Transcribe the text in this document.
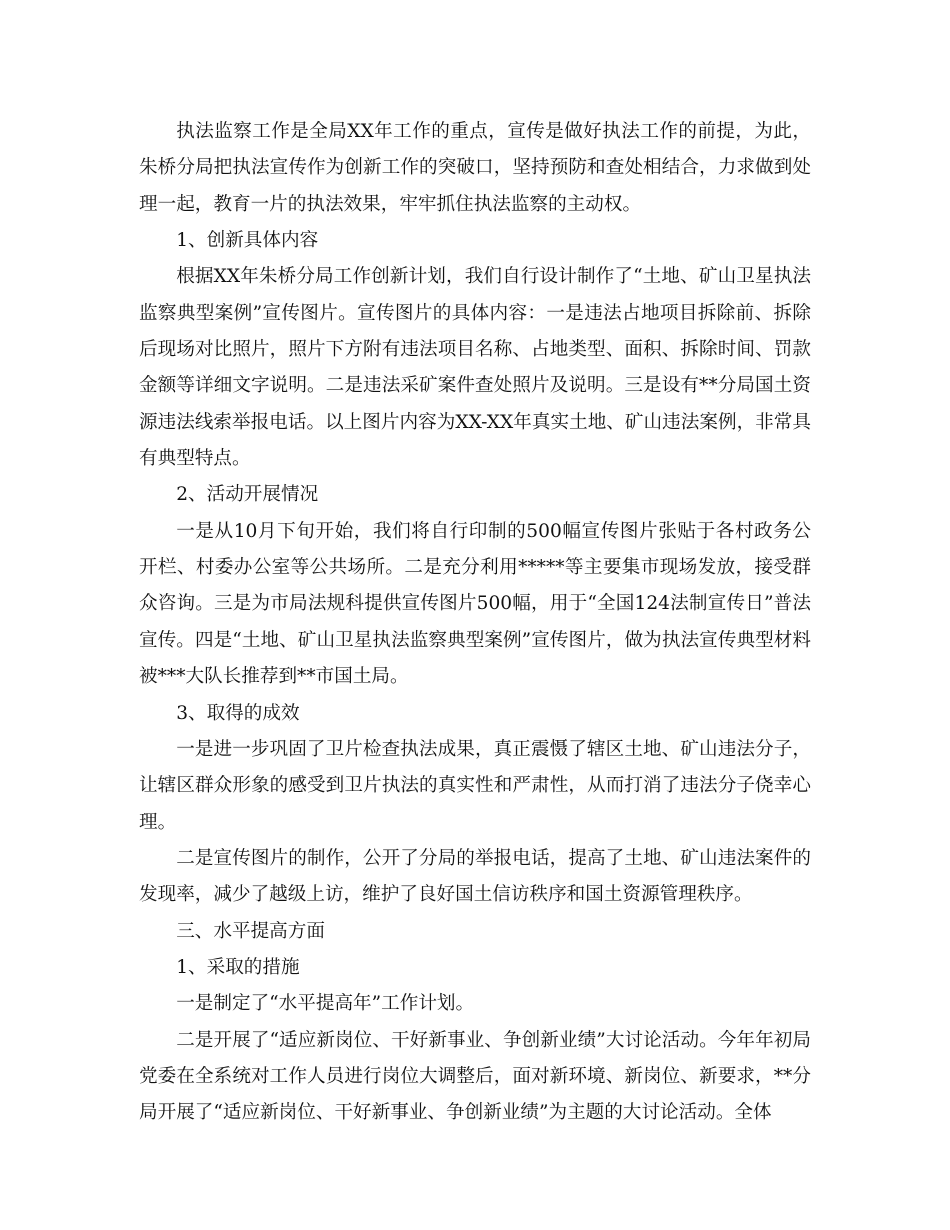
执法监察工作是全局XX年工作的重点，宣传是做好执法工作的前提，为此，朱桥分局把执法宣传作为创新工作的突破口，坚持预防和查处相结合，力求做到处理一起，教育一片的执法效果，牢牢抓住执法监察的主动权。

1、创新具体内容

根据XX年朱桥分局工作创新计划，我们自行设计制作了“土地、矿山卫星执法监察典型案例”宣传图片。宣传图片的具体内容：一是违法占地项目拆除前、拆除后现场对比照片，照片下方附有违法项目名称、占地类型、面积、拆除时间、罚款金额等详细文字说明。二是违法采矿案件查处照片及说明。三是设有**分局国土资源违法线索举报电话。以上图片内容为XX-XX年真实土地、矿山违法案例，非常具有典型特点。

2、活动开展情况

一是从10月下旬开始，我们将自行印制的500幅宣传图片张贴于各村政务公开栏、村委办公室等公共场所。二是充分利用*****等主要集市现场发放，接受群众咨询。三是为市局法规科提供宣传图片500幅，用于“全国124法制宣传日”普法宣传。四是“土地、矿山卫星执法监察典型案例”宣传图片，做为执法宣传典型材料被***大队长推荐到**市国土局。

3、取得的成效

一是进一步巩固了卫片检查执法成果，真正震慑了辖区土地、矿山违法分子，让辖区群众形象的感受到卫片执法的真实性和严肃性，从而打消了违法分子侥幸心理。

二是宣传图片的制作，公开了分局的举报电话，提高了土地、矿山违法案件的发现率，减少了越级上访，维护了良好国土信访秩序和国土资源管理秩序。

三、水平提高方面

1、采取的措施

一是制定了“水平提高年”工作计划。

二是开展了“适应新岗位、干好新事业、争创新业绩”大讨论活动。今年年初局党委在全系统对工作人员进行岗位大调整后，面对新环境、新岗位、新要求，**分局开展了“适应新岗位、干好新事业、争创新业绩”为主题的大讨论活动。全体
